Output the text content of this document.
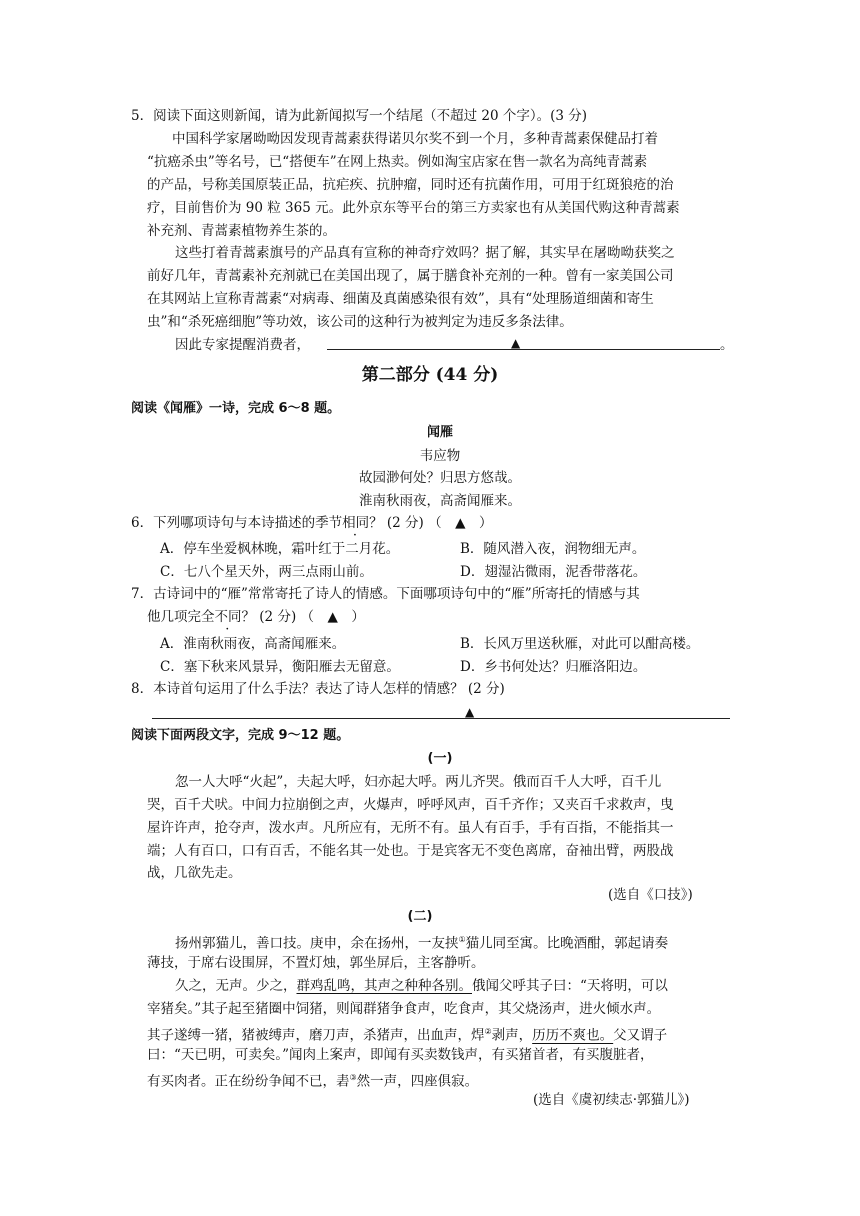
5．阅读下面这则新闻，请为此新闻拟写一个结尾（不超过 20 个字）。(3 分)
中国科学家屠呦呦因发现青蒿素获得诺贝尔奖不到一个月，多种青蒿素保健品打着
“抗癌杀虫”等名号，已“搭便车”在网上热卖。例如淘宝店家在售一款名为高纯青蒿素
的产品，号称美国原装正品，抗疟疾、抗肿瘤，同时还有抗菌作用，可用于红斑狼疮的治
疗，目前售价为 90 粒 365 元。此外京东等平台的第三方卖家也有从美国代购这种青蒿素
补充剂、青蒿素植物养生茶的。
这些打着青蒿素旗号的产品真有宣称的神奇疗效吗？据了解，其实早在屠呦呦获奖之
前好几年，青蒿素补充剂就已在美国出现了，属于膳食补充剂的一种。曾有一家美国公司
在其网站上宣称青蒿素“对病毒、细菌及真菌感染很有效”，具有“处理肠道细菌和寄生
虫”和“杀死癌细胞”等功效，该公司的这种行为被判定为违反多条法律。
因此专家提醒消费者，	▲	。
第二部分 (44 分)
阅读《闻雁》一诗，完成 6～8 题。
闻雁
韦应物
故园渺何处？归思方悠哉。
淮南秋雨夜，高斋闻雁来。
6．下列哪项诗句与本诗描述的季节相同？ (2 分) （　▲　）
A．停车坐爱枫林晚，霜叶红于二月花。	B．随风潜入夜，润物细无声。
C．七八个星天外，两三点雨山前。	D．翅湿沾微雨，泥香带落花。
7．古诗词中的“雁”常常寄托了诗人的情感。下面哪项诗句中的“雁”所寄托的情感与其
他几项完全不同？ (2 分) （　▲　）
A．淮南秋雨夜，高斋闻雁来。	B．长风万里送秋雁，对此可以酣高楼。
C．塞下秋来风景异，衡阳雁去无留意。	D．乡书何处达？归雁洛阳边。
8．本诗首句运用了什么手法？表达了诗人怎样的情感？ (2 分)
▲
阅读下面两段文字，完成 9～12 题。
(一)
忽一人大呼“火起”，夫起大呼，妇亦起大呼。两儿齐哭。俄而百千人大呼，百千儿
哭，百千犬吠。中间力拉崩倒之声，火爆声，呼呼风声，百千齐作；又夹百千求救声，曳
屋许许声，抢夺声，泼水声。凡所应有，无所不有。虽人有百手，手有百指，不能指其一
端；人有百口，口有百舌，不能名其一处也。于是宾客无不变色离席，奋袖出臂，两股战
战，几欲先走。
(选自《口技》)
(二)
扬州郭猫儿，善口技。庚申，余在扬州，一友挟①猫儿同至寓。比晚酒酣，郭起请奏
薄技，于席右设围屏，不置灯烛，郭坐屏后，主客静听。
久之，无声。少之，群鸡乱鸣，其声之种种各别。俄闻父呼其子曰：“天将明，可以
宰猪矣。”其子起至猪圈中饲猪，则闻群猪争食声，吃食声，其父烧汤声，进火倾水声。
其子遂缚一猪，猪被缚声，磨刀声，杀猪声，出血声，焊②剥声，历历不爽也。父又谓子
曰：“天已明，可卖矣。”闻肉上案声，即闻有买卖数钱声，有买猪首者，有买腹脏者，
有买肉者。正在纷纷争闻不已，砉③然一声，四座俱寂。
(选自《虞初续志·郭猫儿》)
